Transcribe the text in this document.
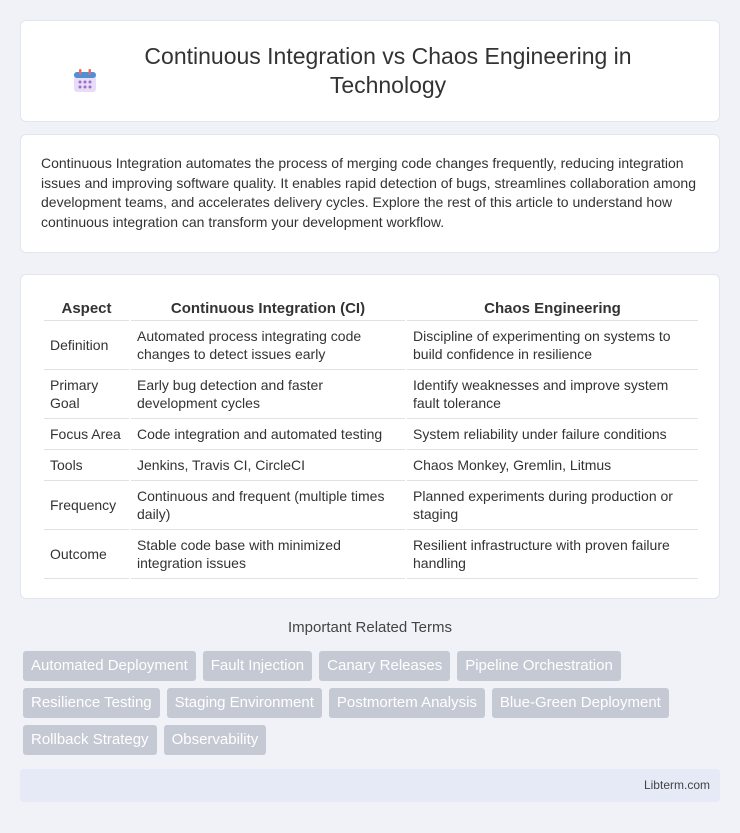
Continuous Integration vs Chaos Engineering in Technology

Continuous Integration automates the process of merging code changes frequently, reducing integration issues and improving software quality. It enables rapid detection of bugs, streamlines collaboration among development teams, and accelerates delivery cycles. Explore the rest of this article to understand how continuous integration can transform your development workflow.

Aspect	Continuous Integration (CI)	Chaos Engineering
Definition	Automated process integrating code changes to detect issues early	Discipline of experimenting on systems to build confidence in resilience
Primary Goal	Early bug detection and faster development cycles	Identify weaknesses and improve system fault tolerance
Focus Area	Code integration and automated testing	System reliability under failure conditions
Tools	Jenkins, Travis CI, CircleCI	Chaos Monkey, Gremlin, Litmus
Frequency	Continuous and frequent (multiple times daily)	Planned experiments during production or staging
Outcome	Stable code base with minimized integration issues	Resilient infrastructure with proven failure handling
Important Related Terms
Automated Deployment	Fault Injection	Canary Releases	Pipeline Orchestration
Resilience Testing	Staging Environment	Postmortem Analysis	Blue-Green Deployment
Rollback Strategy	Observability
Libterm.com
